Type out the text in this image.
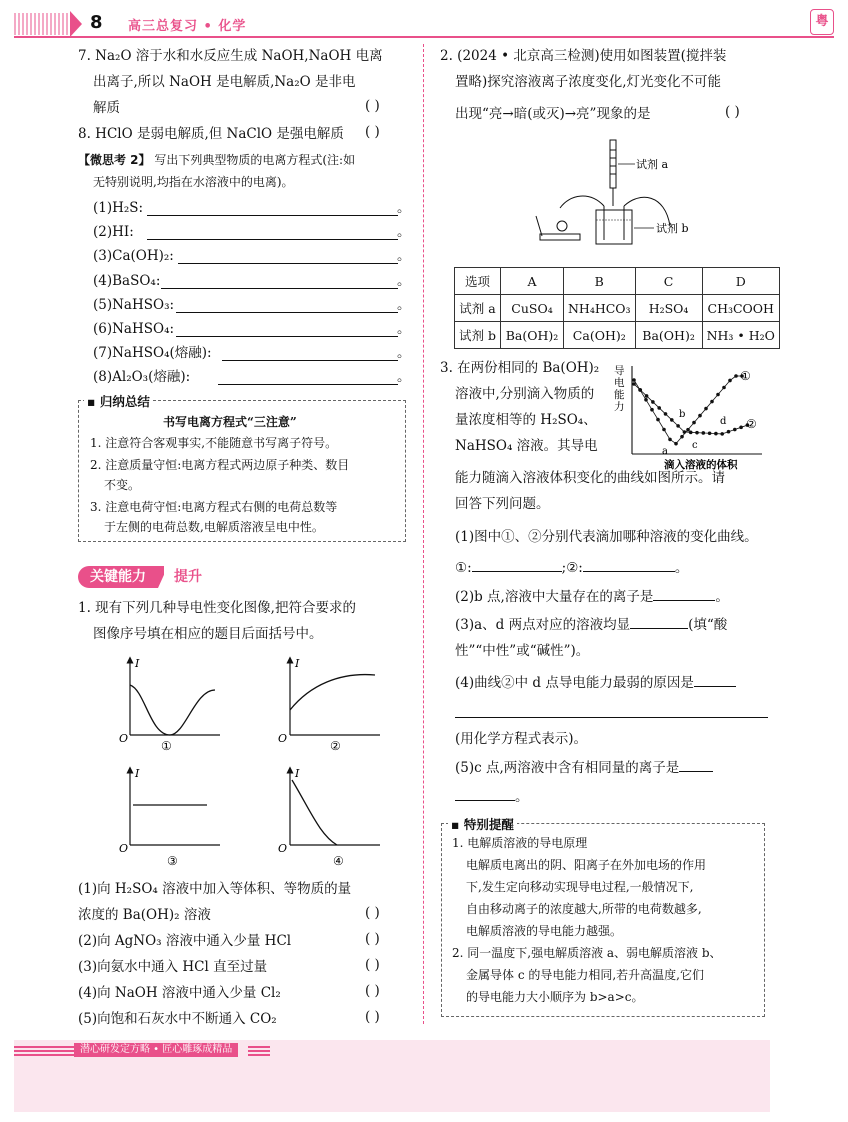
8 高三总复习 • 化学	粤
7. Na₂O 溶于水和水反应生成 NaOH,NaOH 电离
出离子,所以 NaOH 是电解质,Na₂O 是非电
解质	( )
8. HClO 是弱电解质,但 NaClO 是强电解质 ( )
【微思考 2】 写出下列典型物质的电离方程式(注:如
无特别说明,均指在水溶液中的电离)。
(1)H₂S:	。
(2)HI:	。
(3)Ca(OH)₂:	。
(4)BaSO₄:	。
(5)NaHSO₃:	。
(6)NaHSO₄:	。
(7)NaHSO₄(熔融):	。
(8)Al₂O₃(熔融):	。
▪ 归纳总结
书写电离方程式“三注意”
1. 注意符合客观事实,不能随意书写离子符号。
2. 注意质量守恒:电离方程式两边原子种类、数目
不变。
3. 注意电荷守恒:电离方程式右侧的电荷总数等
于左侧的电荷总数,电解质溶液呈电中性。
关键能力	提升
1. 现有下列几种导电性变化图像,把符合要求的
图像序号填在相应的题目后面括号中。
I
O
①
I
O
②
I
O
③
I
O
④
(1)向 H₂SO₄ 溶液中加入等体积、等物质的量
浓度的 Ba(OH)₂ 溶液	( )
(2)向 AgNO₃ 溶液中通入少量 HCl	( )
(3)向氨水中通入 HCl 直至过量	( )
(4)向 NaOH 溶液中通入少量 Cl₂	( )
(5)向饱和石灰水中不断通入 CO₂	( )
2. (2024 • 北京高三检测)使用如图装置(搅拌装
置略)探究溶液离子浓度变化,灯光变化不可能
出现“亮→暗(或灭)→亮”现象的是	( )
试剂 a
试剂 b
选项	A	B	C	D
试剂 a	CuSO₄	NH₄HCO₃	H₂SO₄	CH₃COOH
试剂 b	Ba(OH)₂	Ca(OH)₂	Ba(OH)₂	NH₃ • H₂O
3. 在两份相同的 Ba(OH)₂
溶液中,分别滴入物质的
量浓度相等的 H₂SO₄、
NaHSO₄ 溶液。其导电
能力随滴入溶液体积变化的曲线如图所示。请
回答下列问题。
导
电
能
力
a
b
c
d
①
②
滴入溶液的体积
(1)图中①、②分别代表滴加哪种溶液的变化曲线。
①:	;②:	。
(2)b 点,溶液中大量存在的离子是	。
(3)a、d 两点对应的溶液均显	(填“酸
性”“中性”或“碱性”)。
(4)曲线②中 d 点导电能力最弱的原因是
(用化学方程式表示)。
(5)c 点,两溶液中含有相同量的离子是
。
▪ 特别提醒
1. 电解质溶液的导电原理
电解质电离出的阴、阳离子在外加电场的作用
下,发生定向移动实现导电过程,一般情况下,
自由移动离子的浓度越大,所带的电荷数越多,
电解质溶液的导电能力越强。
2. 同一温度下,强电解质溶液 a、弱电解质溶液 b、
金属导体 c 的导电能力相同,若升高温度,它们
的导电能力大小顺序为 b>a>c。
潜心研发定方略 • 匠心雕琢成精品
